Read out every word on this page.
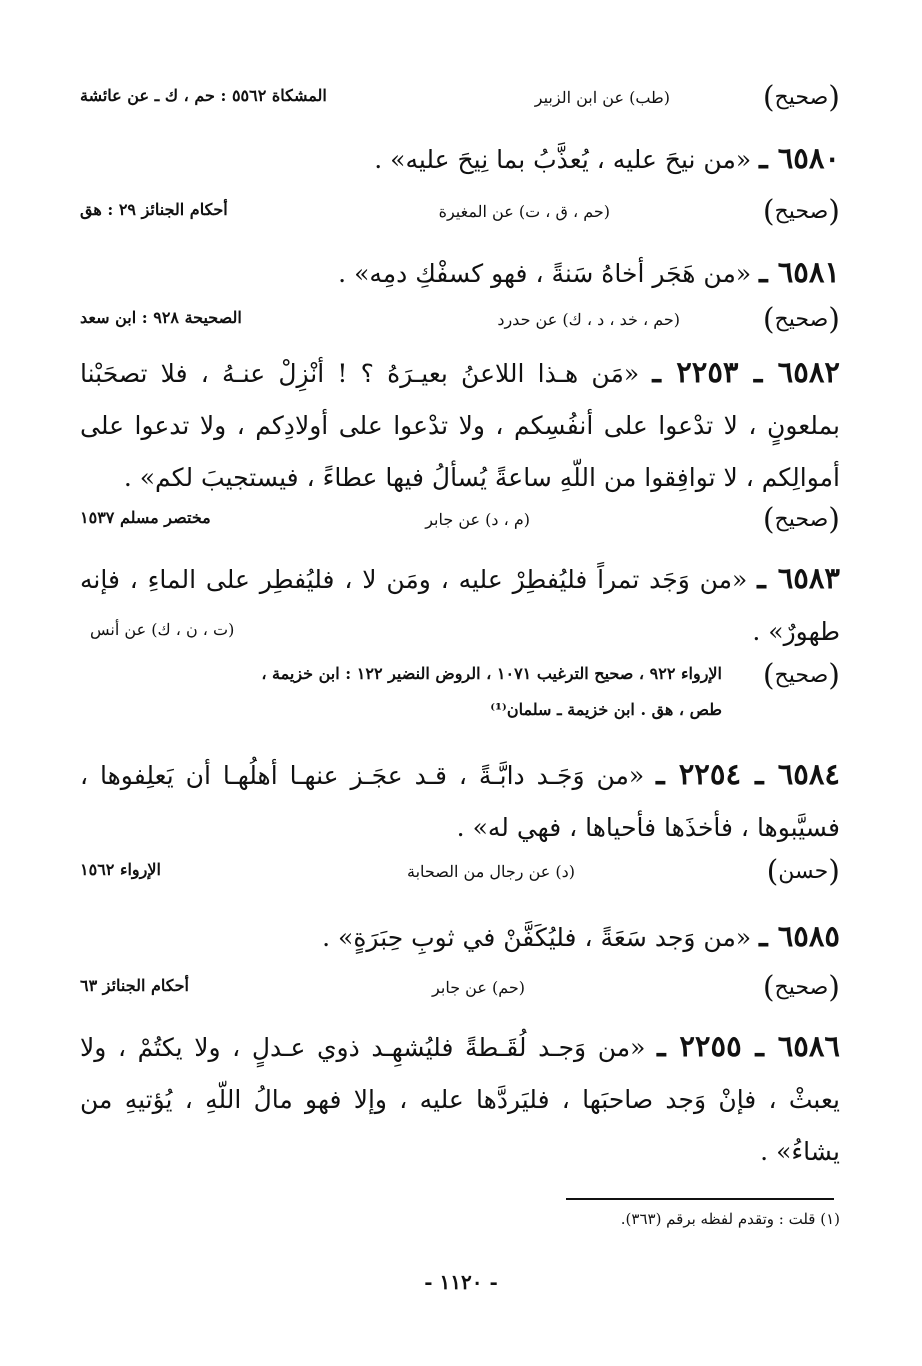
(صحيح)
(طب) عن ابن الزبير
المشكاة ٥٥٦٢ : حم ، ك ـ عن عائشة
٦٥٨٠ ـ «من نيحَ عليه ، يُعذَّبُ بما نِيحَ عليه» .
(صحيح)
(حم ، ق ، ت) عن المغيرة
أحكام الجنائز ٢٩ : هق
٦٥٨١ ـ «من هَجَر أخاهُ سَنةً ، فهو كسفْكِ دمِه» .
(صحيح)
(حم ، خد ، د ، ك) عن حدرد
الصحيحة ٩٢٨ : ابن سعد
٦٥٨٢ ـ ٢٢٥٣ ـ «مَن هـذا اللاعنُ بعيـرَهُ ؟ ! أنْزِلْ عنـهُ ، فلا تصحَبْنا بملعونٍ ، لا تدْعوا على أنفُسِكم ، ولا تدْعوا على أولادِكم ، ولا تدعوا على أموالِكم ، لا توافِقوا من اللّهِ ساعةً يُسألُ فيها عطاءً ، فيستجيبَ لكم» .
(صحيح)
(م ، د) عن جابر
مختصر مسلم ١٥٣٧
٦٥٨٣ ـ «من وَجَد تمراً فليُفطِرْ عليه ، ومَن لا ، فليُفطِر على الماءِ ، فإنه طهورٌ» .
(ت ، ن ، ك) عن أنس
(صحيح)
الإرواء ٩٢٢ ، صحيح الترغيب ١٠٧١ ، الروض النضير ١٢٢ : ابن خزيمة ،
طص ، هق . ابن خزيمة ـ سلمان⁽¹⁾
٦٥٨٤ ـ ٢٢٥٤ ـ «من وَجَـد دابَّـةً ، قـد عجَـز عنهـا أهلُهـا أن يَعلِفوها ، فسيَّبوها ، فأخذَها فأحياها ، فهي له» .
(حسن)
(د) عن رجال من الصحابة
الإرواء ١٥٦٢
٦٥٨٥ ـ «من وَجد سَعَةً ، فليُكَفَّنْ في ثوبِ حِبَرَةٍ» .
(صحيح)
(حم) عن جابر
أحكام الجنائز ٦٣
٦٥٨٦ ـ ٢٢٥٥ ـ «من وَجـد لُقَـطةً فليُشهِـد ذوي عـدلٍ ، ولا يكتُمْ ، ولا يعبثْ ، فإنْ وَجد صاحبَها ، فليَردَّها عليه ، وإلا فهو مالُ اللّهِ ، يُؤتيهِ من يشاءُ» .
(١) قلت : وتقدم لفظه برقم (٣٦٣).
- ١١٢٠ -
